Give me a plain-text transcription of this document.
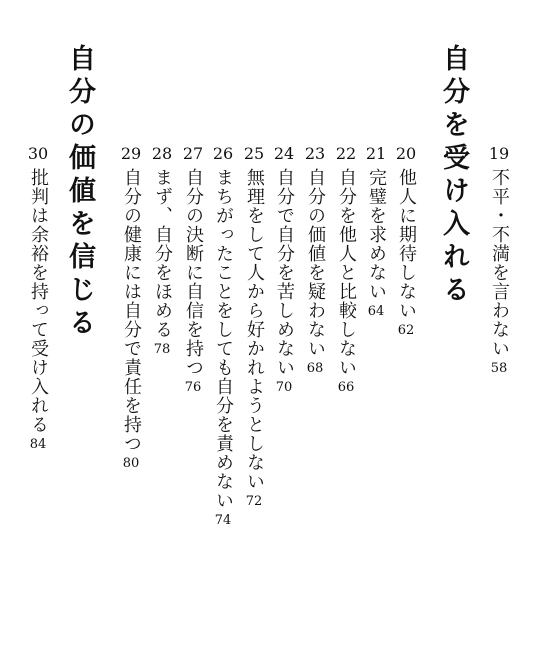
自分を受け入れる
自分の価値を信じる	19
不平・不満を言わない
58
20
他人に期待しない
62
21
完璧を求めない
64
22
自分を他人と比較しない
66
23
自分の価値を疑わない
68
24
自分で自分を苦しめない
70
25
無理をして人から好かれようとしない
72
26
まちがったことをしても自分を責めない
74
27
自分の決断に自信を持つ
76
28
まず、自分をほめる
78
29
自分の健康には自分で責任を持つ
80
30
批判は余裕を持って受け入れる
84
